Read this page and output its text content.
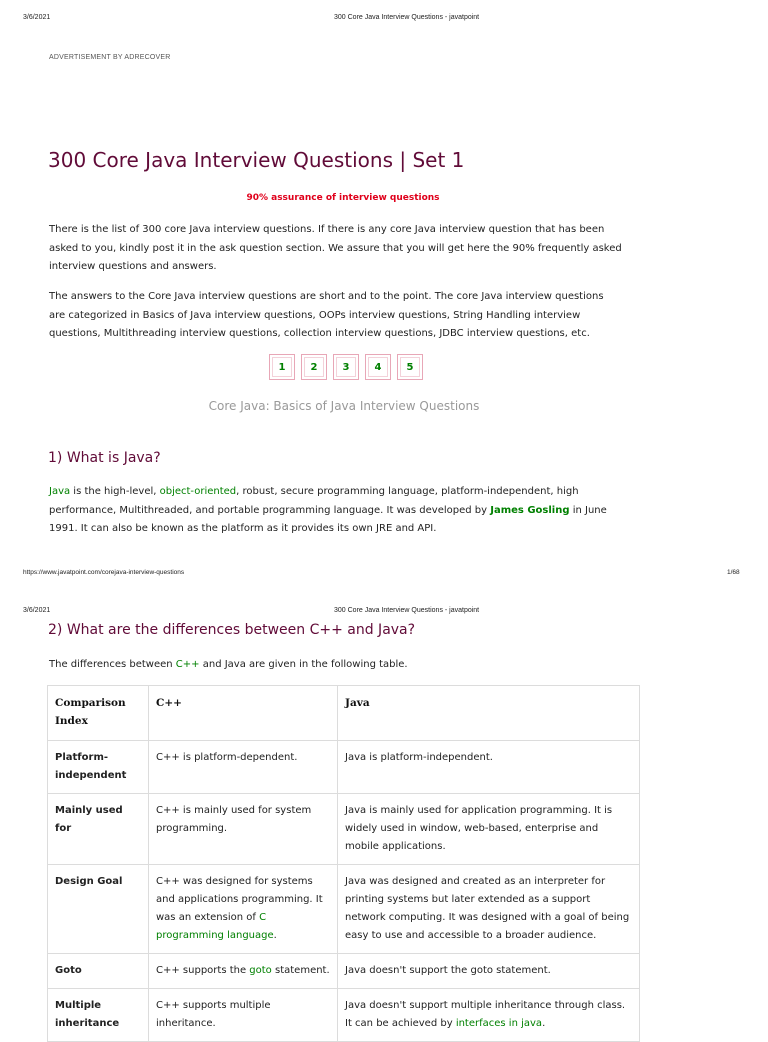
3/6/2021	300 Core Java Interview Questions - javatpoint
ADVERTISEMENT BY ADRECOVER
300 Core Java Interview Questions | Set 1
90% assurance of interview questions

There is the list of 300 core Java interview questions. If there is any core Java interview question that has been
asked to you, kindly post it in the ask question section. We assure that you will get here the 90% frequently asked
interview questions and answers.

The answers to the Core Java interview questions are short and to the point. The core Java interview questions
are categorized in Basics of Java interview questions, OOPs interview questions, String Handling interview
questions, Multithreading interview questions, collection interview questions, JDBC interview questions, etc.

1	2	3	4	5
Core Java: Basics of Java Interview Questions
1) What is Java?

Java is the high-level, object-oriented, robust, secure programming language, platform-independent, high
performance, Multithreaded, and portable programming language. It was developed by James Gosling in June
1991. It can also be known as the platform as it provides its own JRE and API.

https://www.javatpoint.com/corejava-interview-questions	1/68
3/6/2021	300 Core Java Interview Questions - javatpoint
2) What are the differences between C++ and Java?

The differences between C++ and Java are given in the following table.

Comparison Index	C++	Java
Platform-independent	C++ is platform-dependent.	Java is platform-independent.
Mainly used for	C++ is mainly used for system programming.	Java is mainly used for application programming. It is widely used in window, web-based, enterprise and mobile applications.
Design Goal	C++ was designed for systems and applications programming. It was an extension of C programming language.	Java was designed and created as an interpreter for printing systems but later extended as a support network computing. It was designed with a goal of being easy to use and accessible to a broader audience.
Goto	C++ supports the goto statement.	Java doesn't support the goto statement.
Multiple inheritance	C++ supports multiple inheritance.	Java doesn't support multiple inheritance through class. It can be achieved by interfaces in java.
